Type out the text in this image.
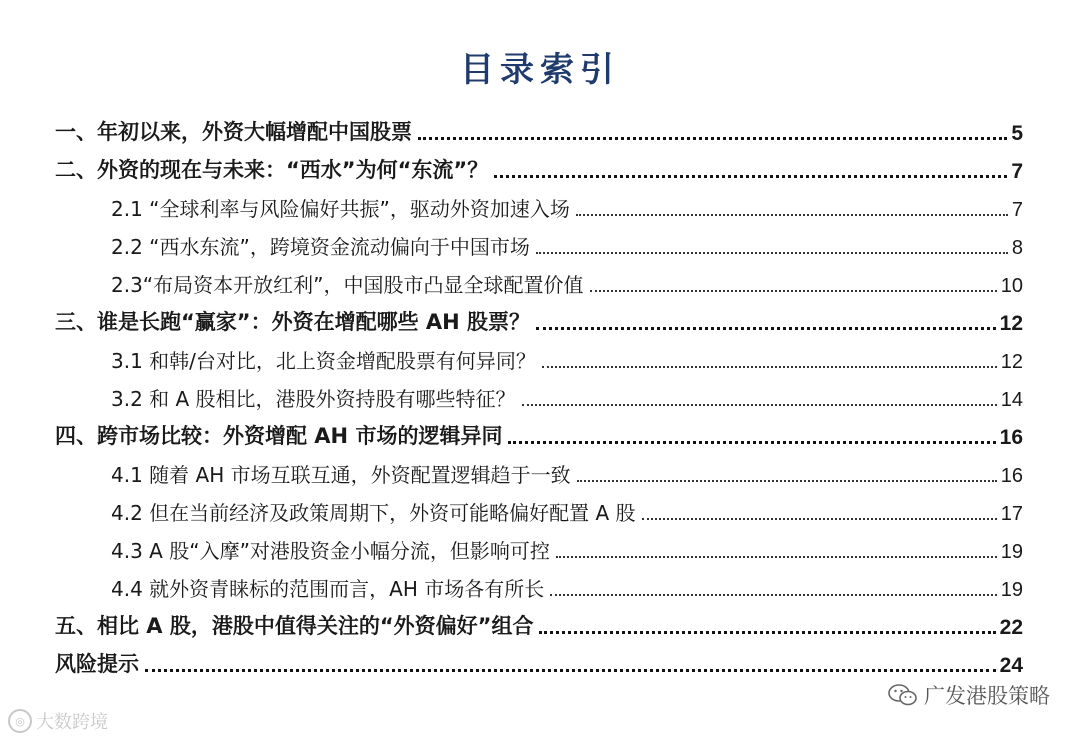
目录索引
一、年初以来，外资大幅增配中国股票	5
二、外资的现在与未来：“西水”为何“东流”？	7
2.1 “全球利率与风险偏好共振”，驱动外资加速入场	7
2.2 “西水东流”，跨境资金流动偏向于中国市场	8
2.3“布局资本开放红利”，中国股市凸显全球配置价值	10
三、谁是长跑“赢家”：外资在增配哪些 AH 股票？	12
3.1 和韩/台对比，北上资金增配股票有何异同？	12
3.2 和 A 股相比，港股外资持股有哪些特征？	14
四、跨市场比较：外资增配 AH 市场的逻辑异同	16
4.1 随着 AH 市场互联互通，外资配置逻辑趋于一致	16
4.2 但在当前经济及政策周期下，外资可能略偏好配置 A 股	17
4.3 A 股“入摩”对港股资金小幅分流，但影响可控	19
4.4 就外资青睐标的范围而言，AH 市场各有所长	19
五、相比 A 股，港股中值得关注的“外资偏好”组合	22
风险提示	24
◎ 大数跨境
广发港股策略
